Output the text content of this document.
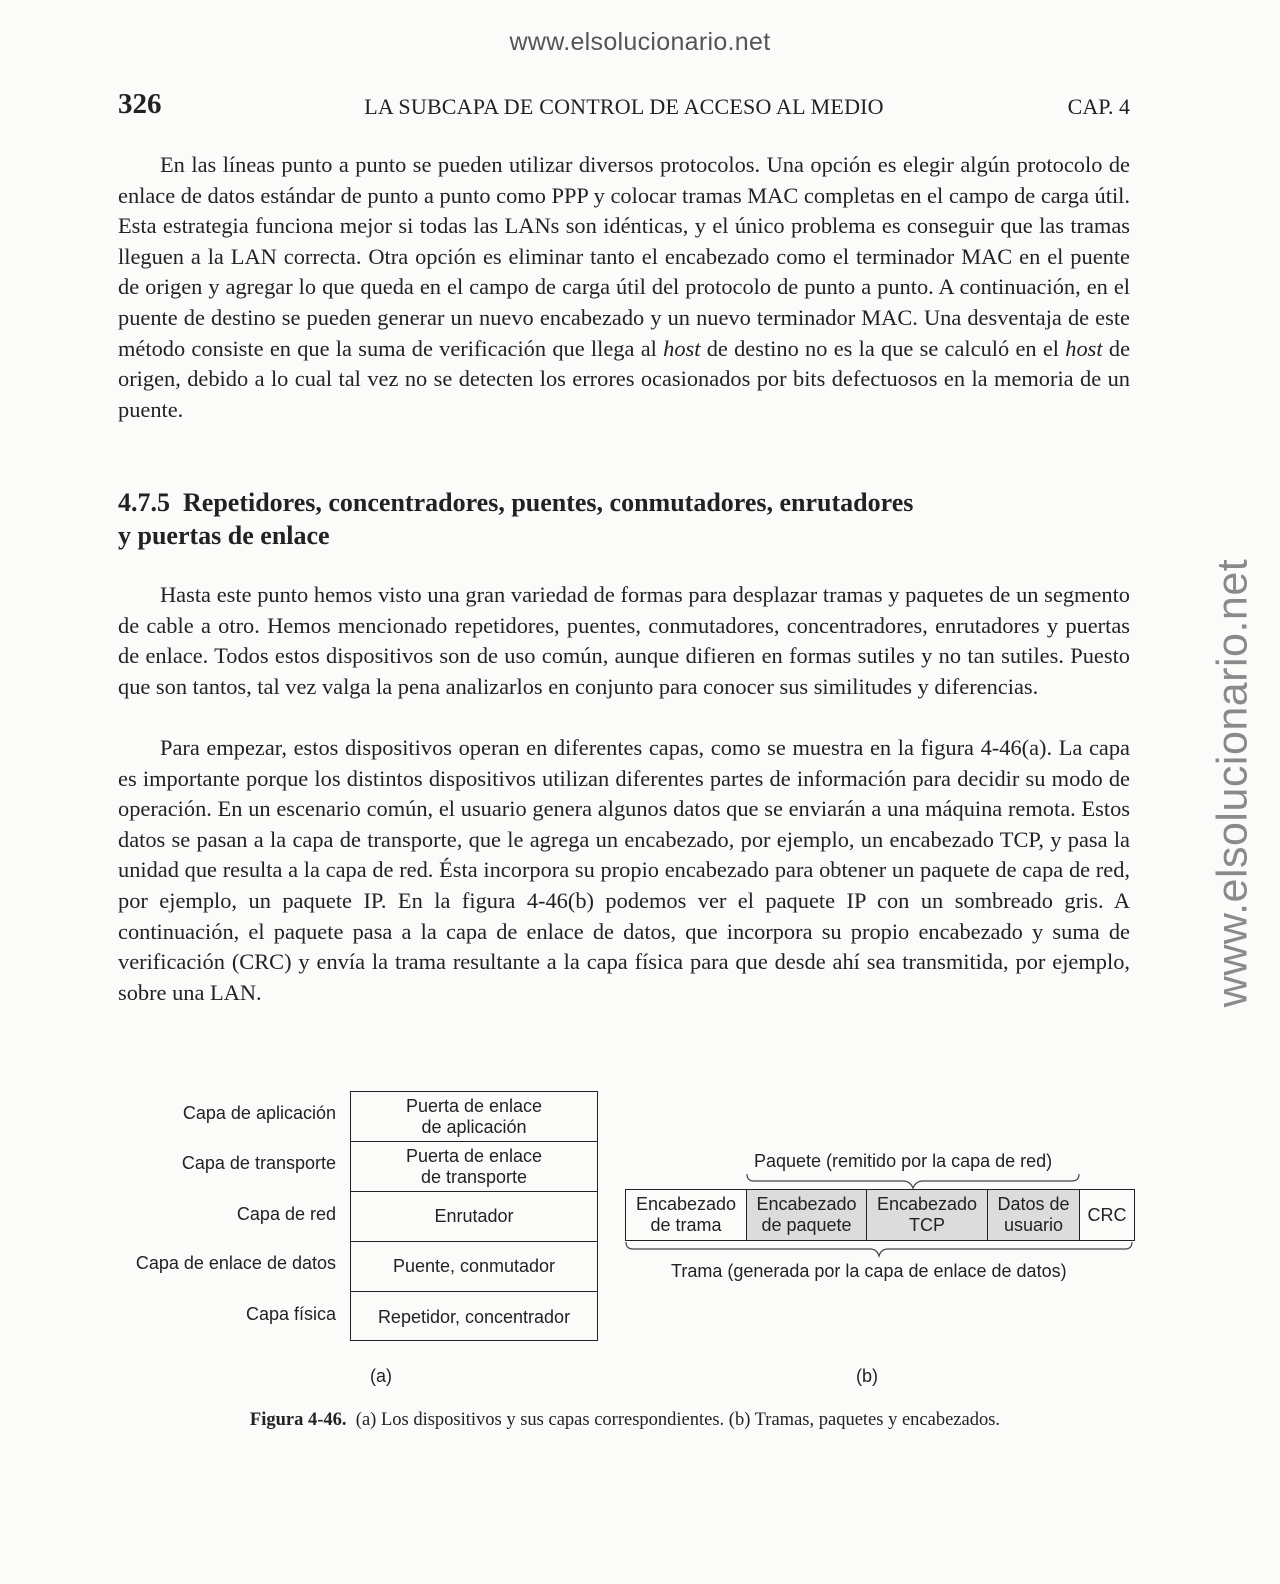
www.elsolucionario.net
www.elsolucionario.net
326	LA SUBCAPA DE CONTROL DE ACCESO AL MEDIO	CAP. 4

En las líneas punto a punto se pueden utilizar diversos protocolos. Una opción es elegir algún protocolo de enlace de datos estándar de punto a punto como PPP y colocar tramas MAC completas en el campo de carga útil. Esta estrategia funciona mejor si todas las LANs son idénticas, y el único problema es conseguir que las tramas lleguen a la LAN correcta. Otra opción es eliminar tanto el encabezado como el terminador MAC en el puente de origen y agregar lo que queda en el campo de carga útil del protocolo de punto a punto. A continuación, en el puente de destino se pueden generar un nuevo encabezado y un nuevo terminador MAC. Una desventaja de este método consiste en que la suma de verificación que llega al host de destino no es la que se calculó en el host de origen, debido a lo cual tal vez no se detecten los errores ocasionados por bits defectuosos en la memoria de un puente.

4.7.5 Repetidores, concentradores, puentes, conmutadores, enrutadores
y puertas de enlace

Hasta este punto hemos visto una gran variedad de formas para desplazar tramas y paquetes de un segmento de cable a otro. Hemos mencionado repetidores, puentes, conmutadores, concentradores, enrutadores y puertas de enlace. Todos estos dispositivos son de uso común, aunque difieren en formas sutiles y no tan sutiles. Puesto que son tantos, tal vez valga la pena analizarlos en conjunto para conocer sus similitudes y diferencias.

Para empezar, estos dispositivos operan en diferentes capas, como se muestra en la figura 4-46(a). La capa es importante porque los distintos dispositivos utilizan diferentes partes de información para decidir su modo de operación. En un escenario común, el usuario genera algunos datos que se enviarán a una máquina remota. Estos datos se pasan a la capa de transporte, que le agrega un encabezado, por ejemplo, un encabezado TCP, y pasa la unidad que resulta a la capa de red. Ésta incorpora su propio encabezado para obtener un paquete de capa de red, por ejemplo, un paquete IP. En la figura 4-46(b) podemos ver el paquete IP con un sombreado gris. A continuación, el paquete pasa a la capa de enlace de datos, que incorpora su propio encabezado y suma de verificación (CRC) y envía la trama resultante a la capa física para que desde ahí sea transmitida, por ejemplo, sobre una LAN.

Capa de aplicación
Capa de transporte
Capa de red
Capa de enlace de datos
Capa física
Puerta de enlace
de aplicación
Puerta de enlace
de transporte
Enrutador
Puente, conmutador
Repetidor, concentrador
(a)
Paquete (remitido por la capa de red)
Encabezado
de trama
Encabezado
de paquete
Encabezado
TCP
Datos de
usuario
CRC
Trama (generada por la capa de enlace de datos)
(b)
Figura 4-46. (a) Los dispositivos y sus capas correspondientes. (b) Tramas, paquetes y encabezados.
